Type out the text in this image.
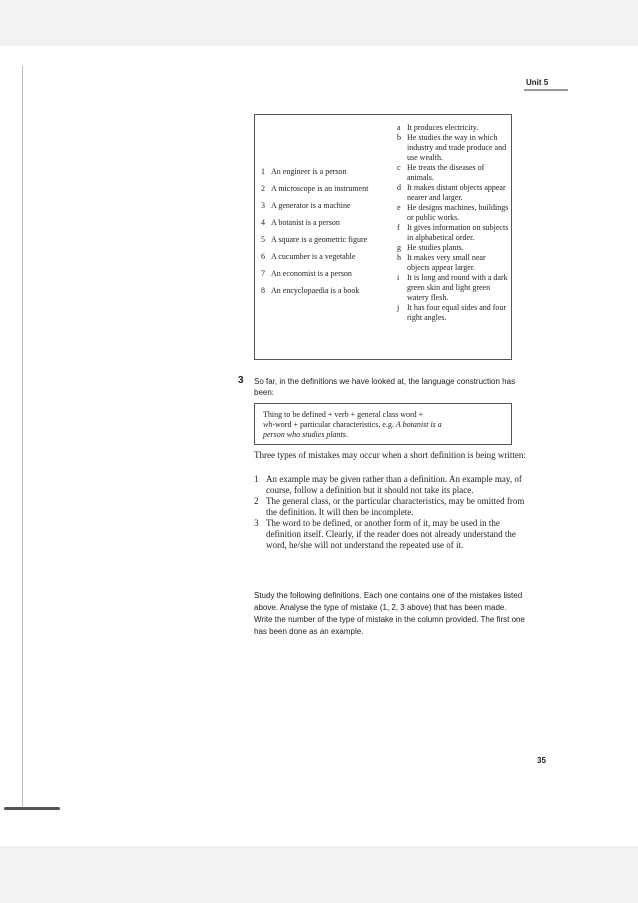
Unit 5
1 An engineer is a person
2 A microscope is an instrument
3 A generator is a machine
4 A botanist is a person
5 A square is a geometric figure
6 A cucumber is a vegetable
7 An economist is a person
8 An encyclopaedia is a book
a It produces electricity.
b He studies the way in which industry and trade produce and use wealth.
c He treats the diseases of animals.
d It makes distant objects appear nearer and larger.
e He designs machines, buildings or public works.
f It gives information on subjects in alphabetical order.
g He studies plants.
h It makes very small near objects appear larger.
i It is long and round with a dark green skin and light green watery flesh.
j It has four equal sides and four right angles.
3 So far, in the definitions we have looked at, the language construction has been:
Thing to be defined + verb + general class word +
wh-word + particular characteristics, e.g. A botanist is a
person who studies plants.
Three types of mistakes may occur when a short definition is being written:
1 An example may be given rather than a definition. An example may, of course, follow a definition but it should not take its place.
2 The general class, or the particular characteristics, may be omitted from the definition. It will then be incomplete.
3 The word to be defined, or another form of it, may be used in the definition itself. Clearly, if the reader does not already understand the word, he/she will not understand the repeated use of it.
Study the following definitions. Each one contains one of the mistakes listed above. Analyse the type of mistake (1, 2, 3 above) that has been made. Write the number of the type of mistake in the column provided. The first one has been done as an example.
35
